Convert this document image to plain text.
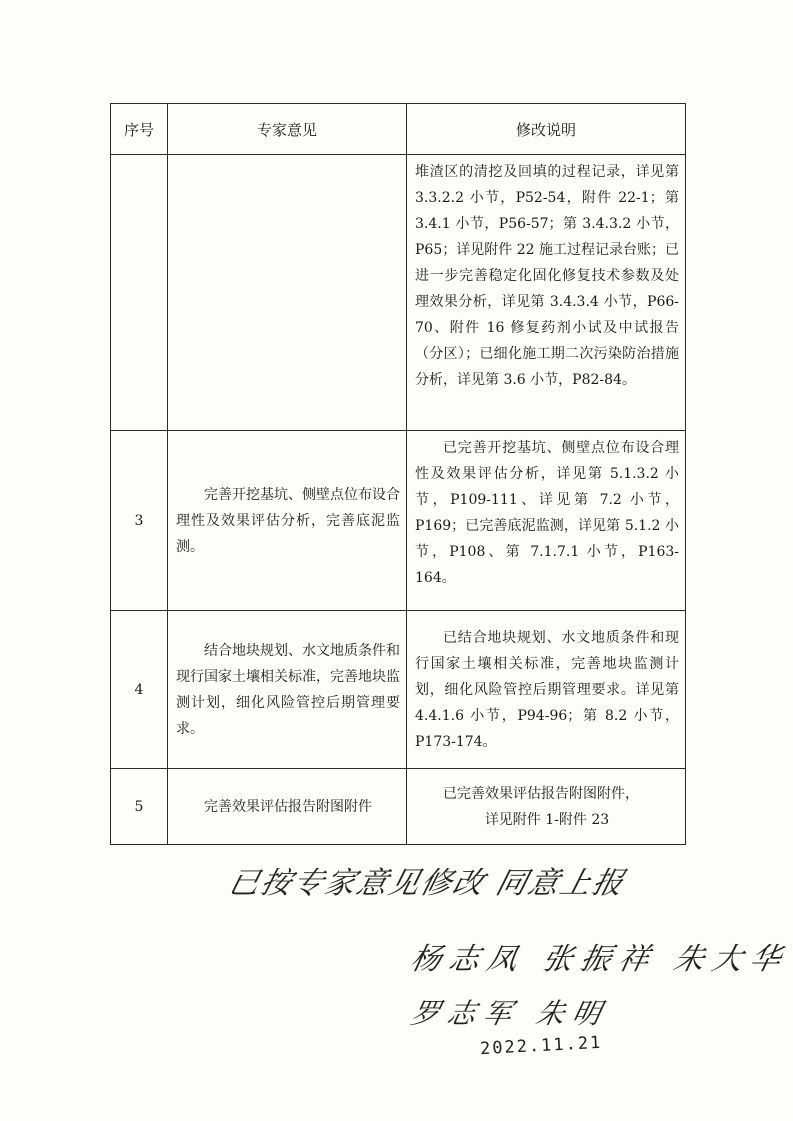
序号	专家意见	修改说明

		堆渣区的清挖及回填的过程记录，详见第 3.3.2.2 小节，P52-54，附件 22-1；第 3.4.1 小节，P56-57；第 3.4.3.2 小节，P65；详见附件 22 施工过程记录台账；已进一步完善稳定化固化修复技术参数及处理效果分析，详见第 3.4.3.4 小节，P66-70、附件 16 修复药剂小试及中试报告（分区）；已细化施工期二次污染防治措施分析，详见第 3.6 小节，P82-84。

3	完善开挖基坑、侧壁点位布设合理性及效果评估分析，完善底泥监测。	已完善开挖基坑、侧壁点位布设合理性及效果评估分析，详见第 5.1.3.2 小节，P109-111、详见第 7.2 小节，P169；已完善底泥监测，详见第 5.1.2 小节，P108、第 7.1.7.1 小节，P163-164。

4	结合地块规划、水文地质条件和现行国家土壤相关标准，完善地块监测计划，细化风险管控后期管理要求。	已结合地块规划、水文地质条件和现行国家土壤相关标准，完善地块监测计划，细化风险管控后期管理要求。详见第 4.4.1.6 小节，P94-96；第 8.2 小节，P173-174。

5	完善效果评估报告附图附件	已完善效果评估报告附图附件，

详见附件 1-附件 23

已按专家意见修改 同意上报
杨志凤 张振祥 朱大华
罗志军 朱明
2022.11.21
